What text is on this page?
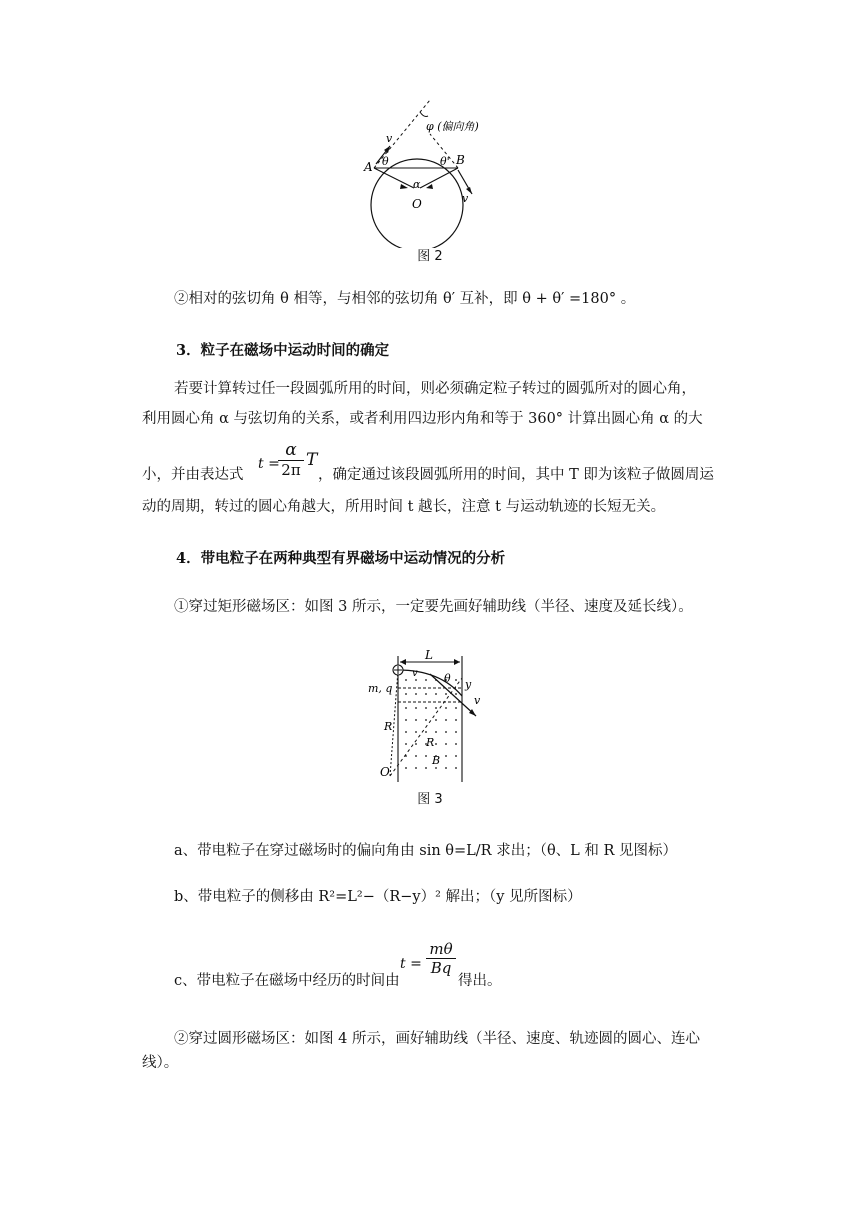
φ (偏向角)
v
v
A	B
θ	θ'
α
O
图 2
②相对的弦切角 θ 相等，与相邻的弦切角 θ′ 互补，即 θ + θ′ =180° 。
3．粒子在磁场中运动时间的确定
若要计算转过任一段圆弧所用的时间，则必须确定粒子转过的圆弧所对的圆心角，
利用圆心角 α 与弦切角的关系，或者利用四边形内角和等于 360° 计算出圆心角 α 的大
小，并由表达式
t =
α
2π T
，确定通过该段圆弧所用的时间，其中 T 即为该粒子做圆周运
动的周期，转过的圆心角越大，所用时间 t 越长，注意 t 与运动轨迹的长短无关。
4．带电粒子在两种典型有界磁场中运动情况的分析
①穿过矩形磁场区：如图 3 所示，一定要先画好辅助线（半径、速度及延长线）。
L
v θ y
v
m, q
R
R
B
O
图 3
a、带电粒子在穿过磁场时的偏向角由 sin θ=L/R 求出；（θ、L 和 R 见图标）
b、带电粒子的侧移由 R²=L²−（R−y）² 解出；（y 见所图标）
c、带电粒子在磁场中经历的时间由
t =
mθ
Bq
得出。
②穿过圆形磁场区：如图 4 所示，画好辅助线（半径、速度、轨迹圆的圆心、连心
线）。
